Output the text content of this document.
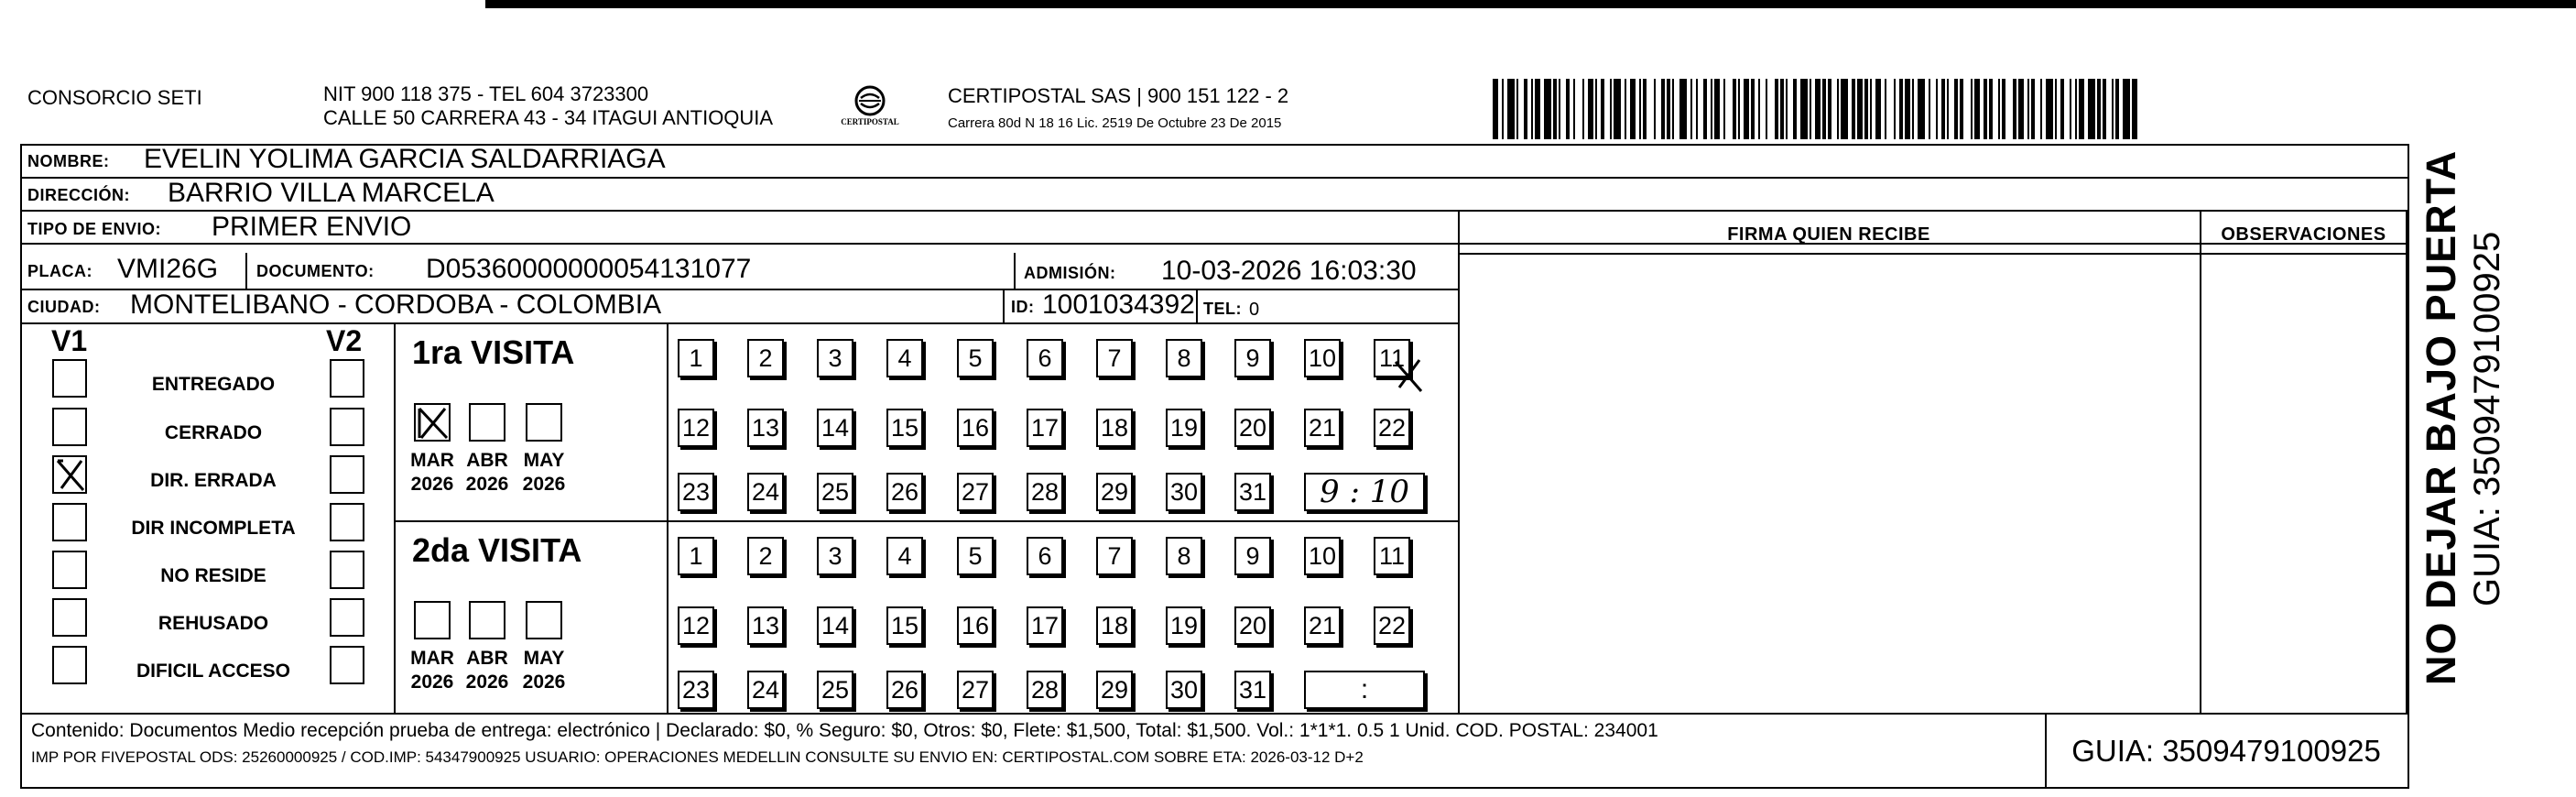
CONSORCIO SETI	NIT 900 118 375 - TEL 604 3723300
CALLE 50 CARRERA 43 - 34 ITAGUI ANTIOQUIA	CERTIPOSTAL
CERTIPOSTAL SAS | 900 151 122 - 2
Carrera 80d N 18 16 Lic. 2519 De Octubre 23 De 2015
NOMBRE: EVELIN YOLIMA GARCIA SALDARRIAGA
DIRECCIÓN: BARRIO VILLA MARCELA
TIPO DE ENVIO: PRIMER ENVIO
PLACA: VMI26G DOCUMENTO: D05360000000054131077	ADMISIÓN: 10-03-2026 16:03:30
CIUDAD: MONTELIBANO - CORDOBA - COLOMBIA	ID: 1001034392 TEL: 0
FIRMA QUIEN RECIBE	OBSERVACIONES
V1	V2
ENTREGADO
CERRADO
DIR. ERRADA
DIR INCOMPLETA
NO RESIDE
REHUSADO
DIFICIL ACCESO
1ra VISITA
MAR
2026
ABR
2026
MAY
2026
1	2	3	4	5	6	7	8	9	10 11
12 13 14 15 16 17 18 19 20 21 22
23 24 25 26 27 28 29 30 31	9 : 10
2da VISITA
MAR
2026
ABR
2026
MAY
2026
1	2	3	4	5	6	7	8	9	10 11
12 13 14 15 16 17 18 19 20 21 22
23 24 25 26 27 28 29 30 31	:
Contenido: Documentos Medio recepción prueba de entrega: electrónico | Declarado: $0, % Seguro: $0, Otros: $0, Flete: $1,500, Total: $1,500. Vol.: 1*1*1. 0.5 1 Unid. COD. POSTAL: 234001
IMP POR FIVEPOSTAL ODS: 25260000925 / COD.IMP: 54347900925 USUARIO: OPERACIONES MEDELLIN CONSULTE SU ENVIO EN: CERTIPOSTAL.COM SOBRE ETA: 2026-03-12 D+2	GUIA: 3509479100925
NO DEJAR BAJO PUERTA GUIA: 3509479100925
